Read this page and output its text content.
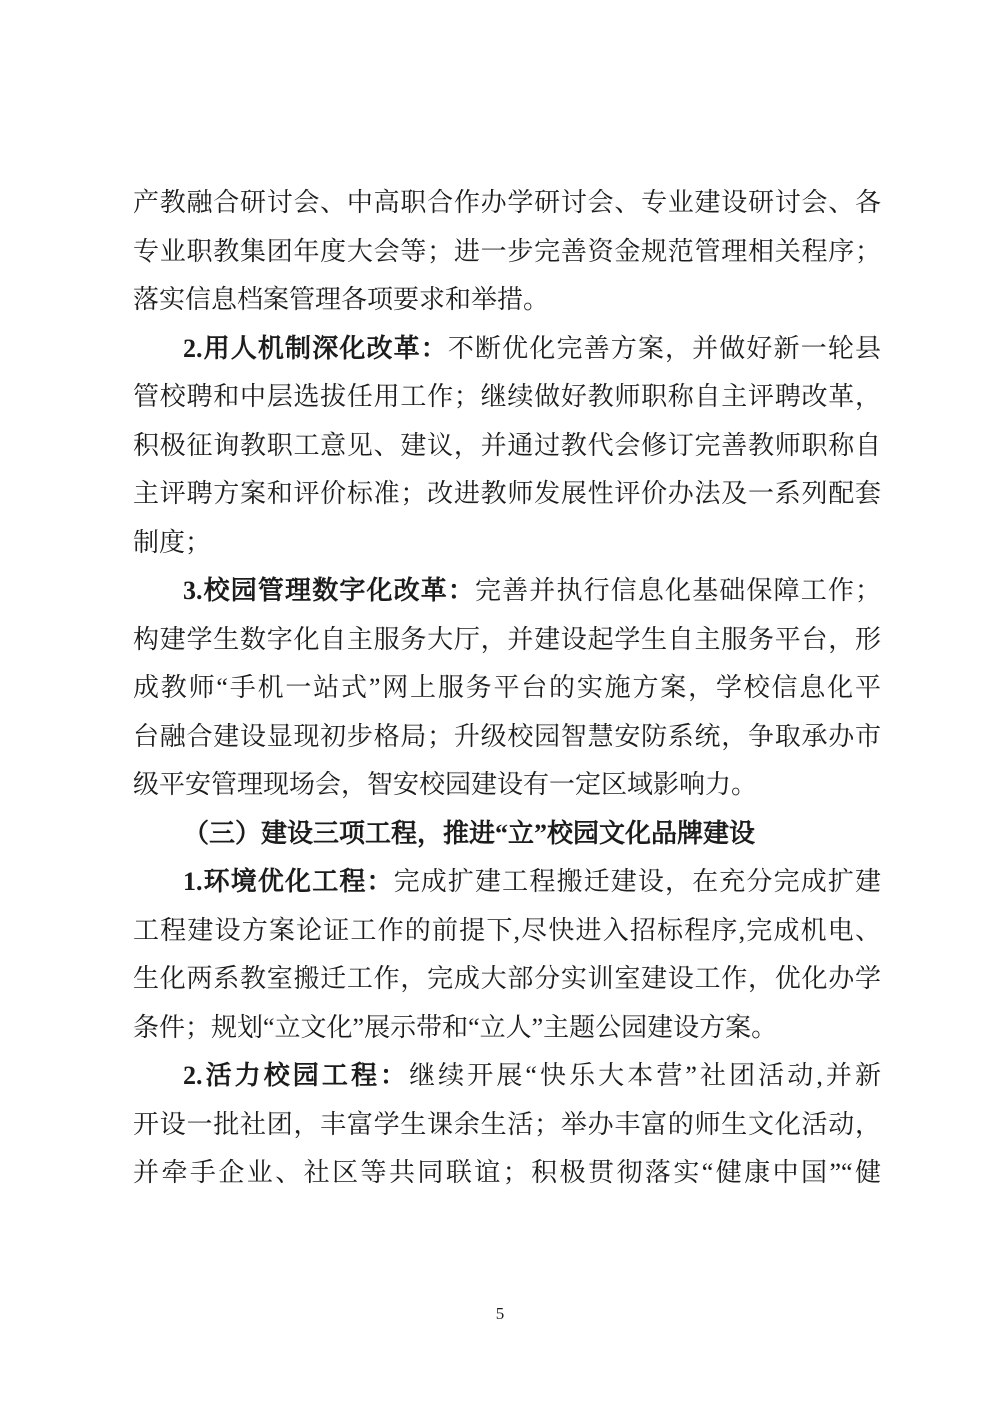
产教融合研讨会、中高职合作办学研讨会、专业建设研讨会、各
专业职教集团年度大会等；进一步完善资金规范管理相关程序；
落实信息档案管理各项要求和举措。
2.用人机制深化改革：不断优化完善方案，并做好新一轮县
管校聘和中层选拔任用工作；继续做好教师职称自主评聘改革，
积极征询教职工意见、建议，并通过教代会修订完善教师职称自
主评聘方案和评价标准；改进教师发展性评价办法及一系列配套
制度；
3.校园管理数字化改革：完善并执行信息化基础保障工作；
构建学生数字化自主服务大厅，并建设起学生自主服务平台，形
成教师“手机一站式”网上服务平台的实施方案，学校信息化平
台融合建设显现初步格局；升级校园智慧安防系统，争取承办市
级平安管理现场会，智安校园建设有一定区域影响力。
（三）建设三项工程，推进“立”校园文化品牌建设
1.环境优化工程：完成扩建工程搬迁建设，在充分完成扩建
工程建设方案论证工作的前提下,尽快进入招标程序,完成机电、
生化两系教室搬迁工作，完成大部分实训室建设工作，优化办学
条件；规划“立文化”展示带和“立人”主题公园建设方案。
2.活力校园工程：继续开展“快乐大本营”社团活动,并新
开设一批社团，丰富学生课余生活；举办丰富的师生文化活动，
并牵手企业、社区等共同联谊；积极贯彻落实“健康中国”“健
5
